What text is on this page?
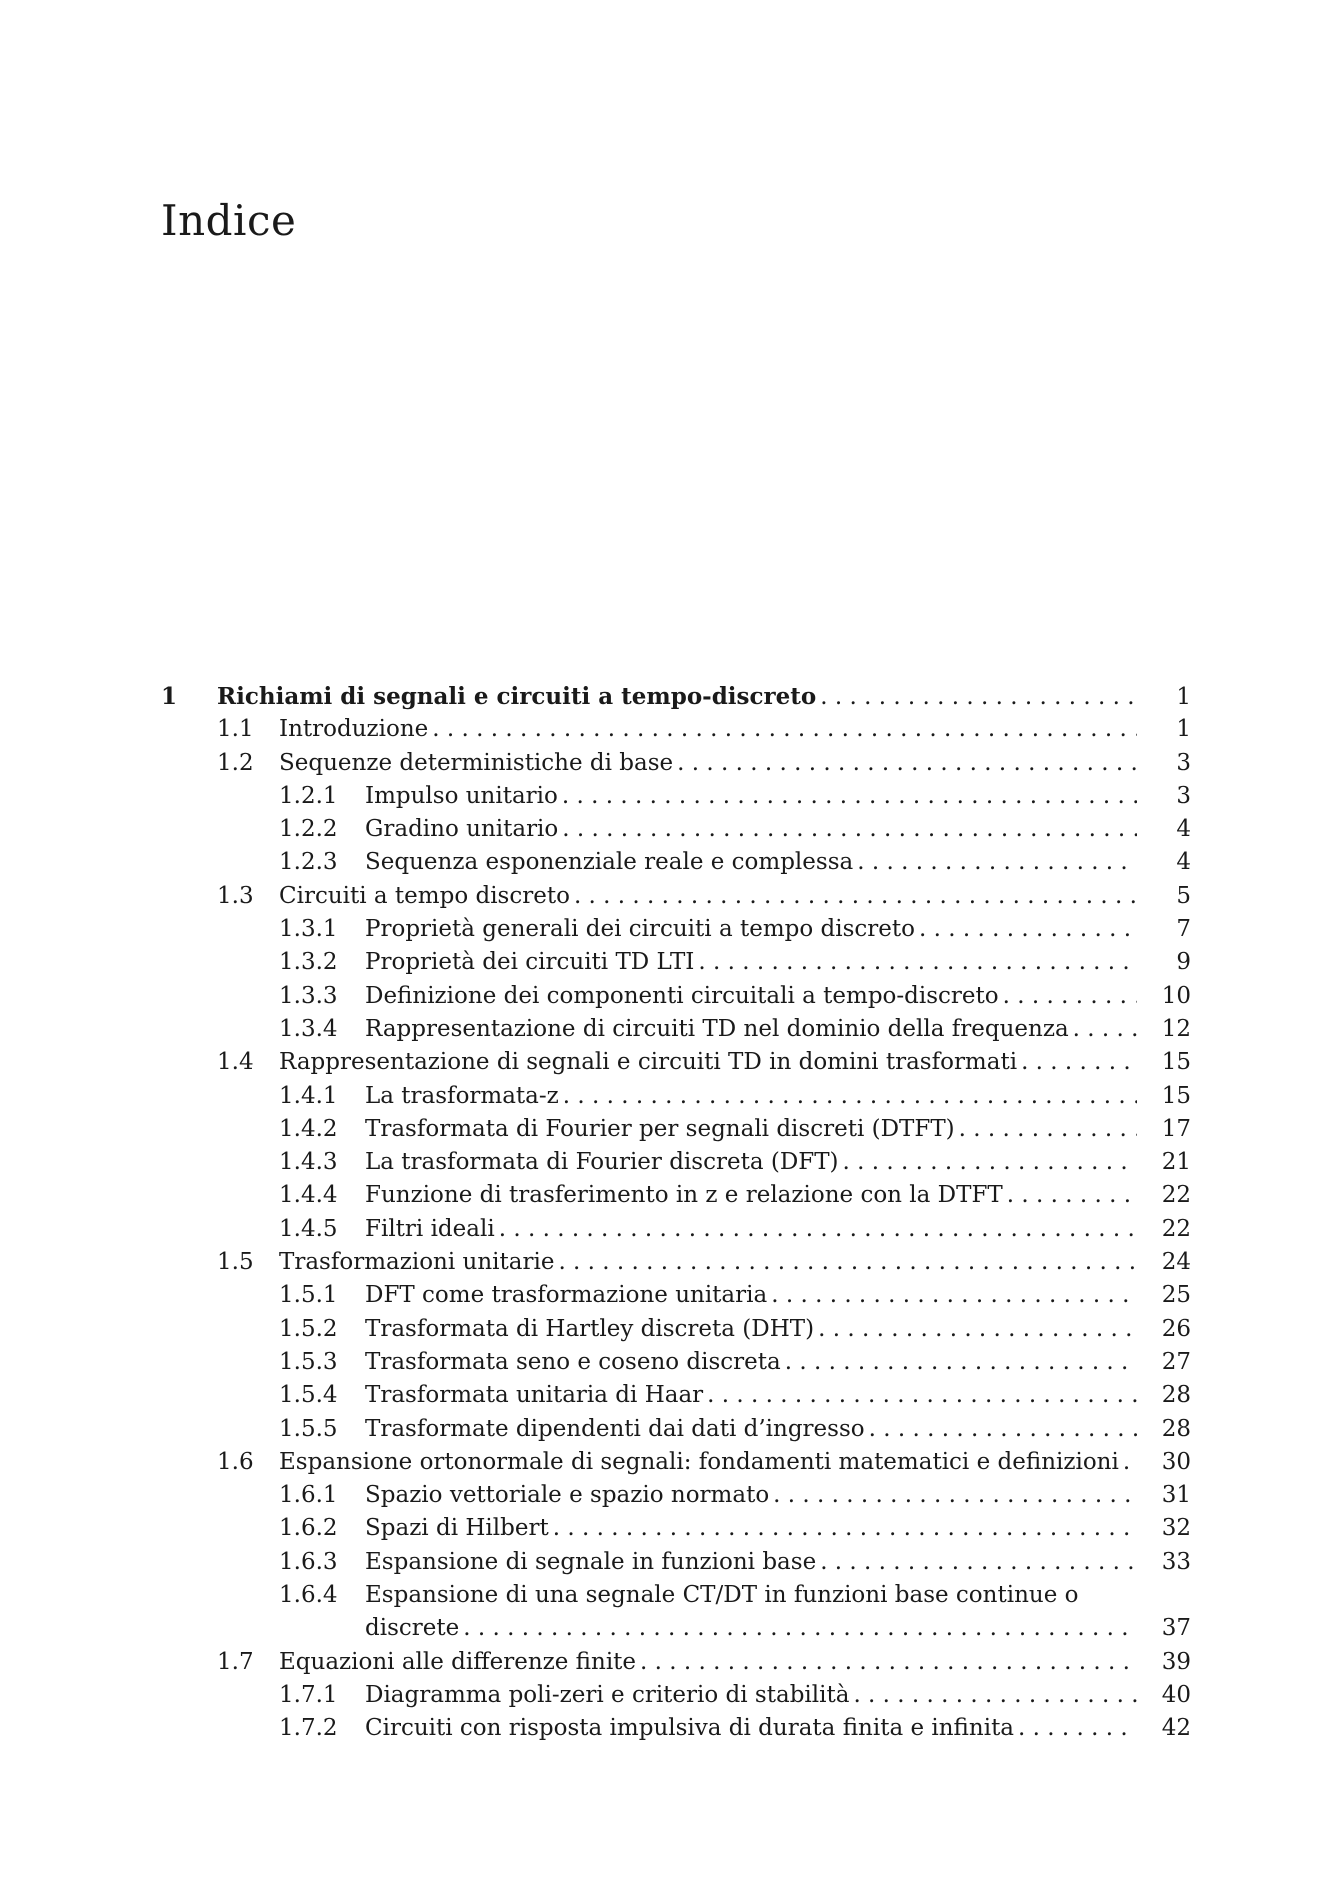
Indice
1 Richiami di segnali e circuiti a tempo-discreto . . .	1
1.1 Introduzione . . .	1
1.2 Sequenze deterministiche di base . . .	3
1.2.1 Impulso unitario . . .	3
1.2.2 Gradino unitario . . .	4
1.2.3 Sequenza esponenziale reale e complessa . . .	4
1.3 Circuiti a tempo discreto . . .	5
1.3.1 Proprietà generali dei circuiti a tempo discreto . . .	7
1.3.2 Proprietà dei circuiti TD LTI . . .	9
1.3.3 Definizione dei componenti circuitali a tempo-discreto . . .	10
1.3.4 Rappresentazione di circuiti TD nel dominio della frequenza . . .	12
1.4 Rappresentazione di segnali e circuiti TD in domini trasformati . . .	15
1.4.1 La trasformata-z . . .	15
1.4.2 Trasformata di Fourier per segnali discreti (DTFT) . . .	17
1.4.3 La trasformata di Fourier discreta (DFT) . . .	21
1.4.4 Funzione di trasferimento in z e relazione con la DTFT . . .	22
1.4.5 Filtri ideali . . .	22
1.5 Trasformazioni unitarie . . .	24
1.5.1 DFT come trasformazione unitaria . . .	25
1.5.2 Trasformata di Hartley discreta (DHT) . . .	26
1.5.3 Trasformata seno e coseno discreta . . .	27
1.5.4 Trasformata unitaria di Haar . . .	28
1.5.5 Trasformate dipendenti dai dati d’ingresso . . .	28
1.6 Espansione ortonormale di segnali: fondamenti matematici e definizioni . . .	30
1.6.1 Spazio vettoriale e spazio normato . . .	31
1.6.2 Spazi di Hilbert . . .	32
1.6.3 Espansione di segnale in funzioni base . . .	33
1.6.4 Espansione di una segnale CT/DT in funzioni base continue o
discrete . . .	37
1.7 Equazioni alle differenze finite . . .	39
1.7.1 Diagramma poli-zeri e criterio di stabilità . . .	40
1.7.2 Circuiti con risposta impulsiva di durata finita e infinita . . .	42
